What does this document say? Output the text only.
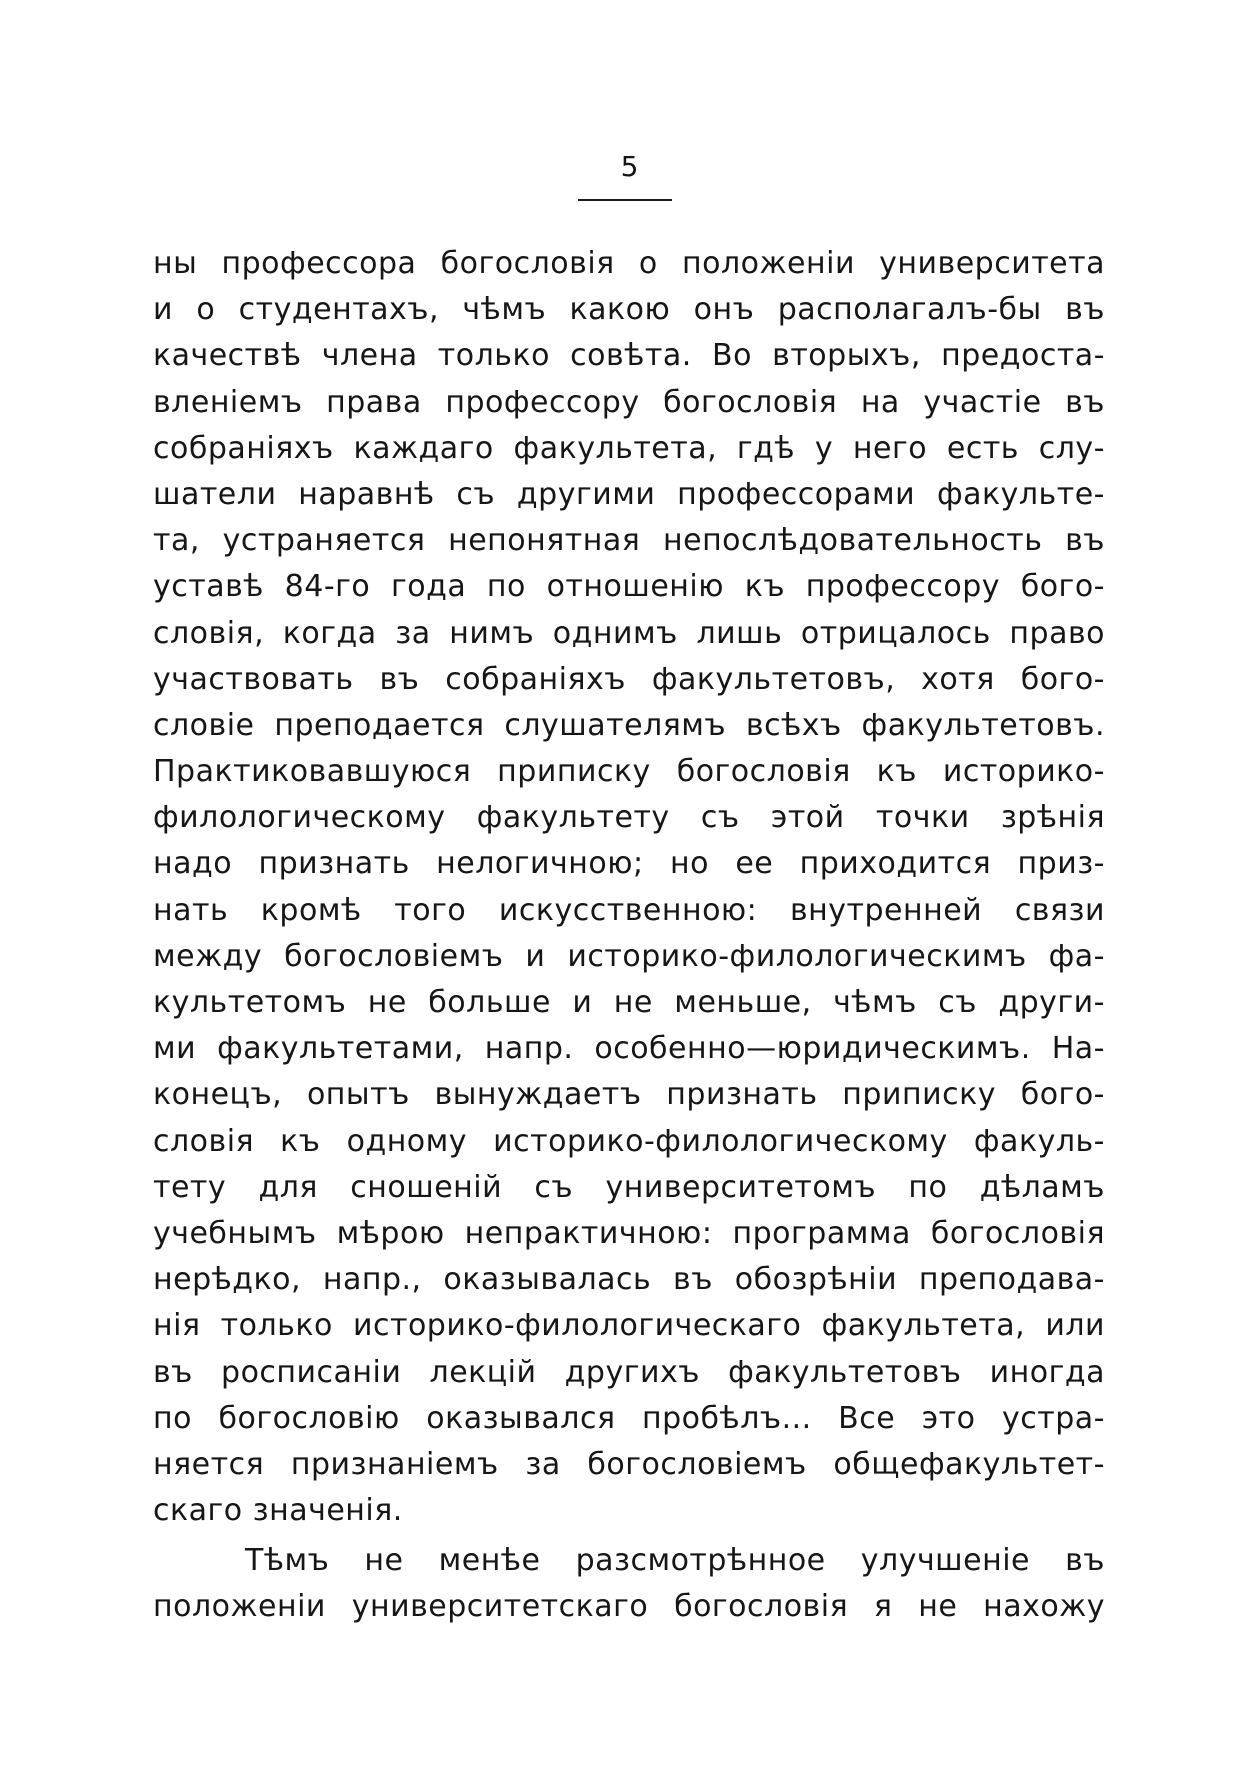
5
ны профессора богосл͏овія о положеніи университета
и о студентахъ, чѣмъ какою онъ располагалъ-бы въ
качествѣ члена только совѣта. Во вторыхъ, предоста-
вленіемъ права профессору богословія на участіе въ
собраніяхъ каждаго факультета, гдѣ у него есть слу-
шатели наравнѣ съ другими профессорами факульте-
та, устраняется непонятная непослѣдовательность въ
уставѣ 84-го года по отношенію къ профессору бого-
словія, когда за нимъ однимъ лишь отрицалось право
участвовать въ собраніяхъ факультетовъ, хотя бого-
словіе преподается слушателямъ всѣхъ факультетовъ.
Практиковавшуюся приписку богословія къ историко-
филологическому факультету съ этой точки зрѣнія
надо признать нелогичною; но ее приходится приз-
нать кромѣ того искусственною: внутренней связи
между богословіемъ и историко-филологическимъ фа-
культетомъ не больше и не меньше, чѣмъ съ други-
ми факультетами, напр. особенно—юридическимъ. На-
конецъ, опытъ вынуждаетъ признать приписку бого-
словія къ одному историко-филологическому факуль-
тету для сношеній съ университетомъ по дѣламъ
учебнымъ мѣрою непрактичною: программа богословія
нерѣдко, напр., оказывалась въ обозрѣніи преподава-
нія только историко-филологическаго факультета, или
въ росписаніи лекцій другихъ факультетовъ иногда
по богословію оказывался пробѣлъ... Все это устра-
няется признаніемъ за богословіемъ общефакультет-
скаго значенія.
Тѣмъ не менѣе разсмотрѣнное улучшеніе въ
положеніи университетскаго богословія я не нахожу
